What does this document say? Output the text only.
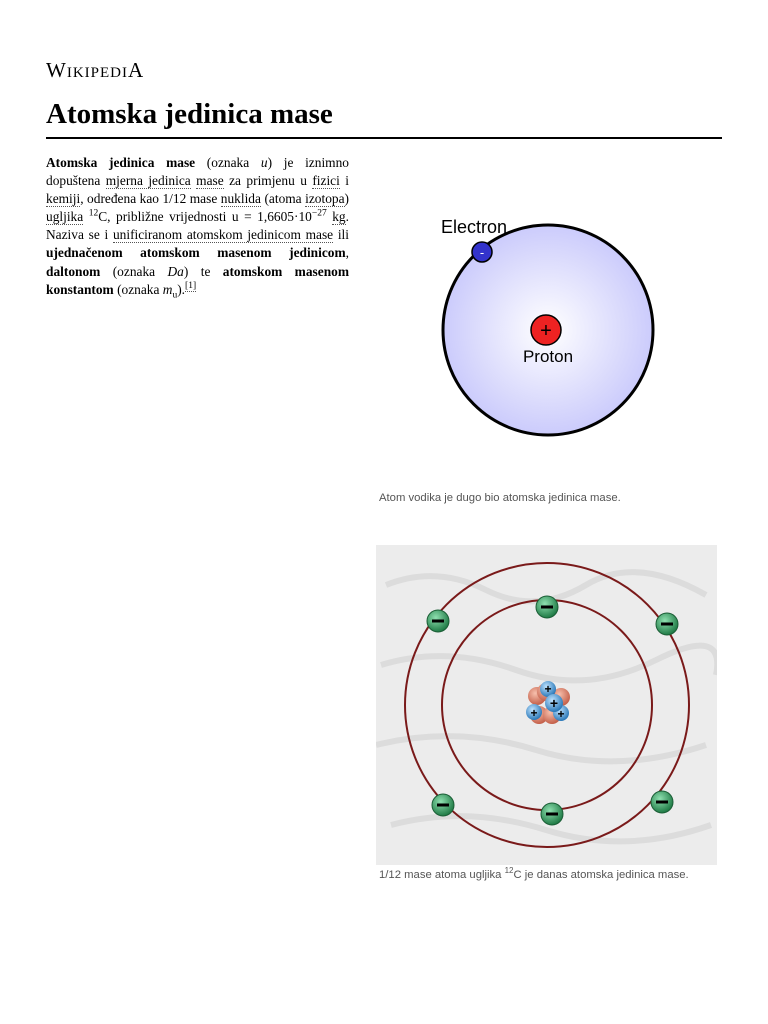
WIKIPEDIA
Atomska jedinica mase

Atomska jedinica mase (oznaka u) je iznimno dopuštena mjerna jedinica mase za primjenu u fizici i kemiji, određena kao 1/12 mase nuklida (atoma izotopa) ugljika $^{12}$C, približne vrijednosti $u = 1,6605\cdot 10^{-27}$ kg. Naziva se i unificiranom atomskom jedinicom mase ili ujednačenom atomskom masenom jedinicom, daltonom (oznaka Da) te atomskom masenom konstantom (oznaka $m_u).[1]$

Electron
-
+
Proton

Atom vodika je dugo bio atomska jedinica mase.

+
+
+
+

1/12 mase atoma ugljika $^{12}$C je danas atomska jedinica mase.
